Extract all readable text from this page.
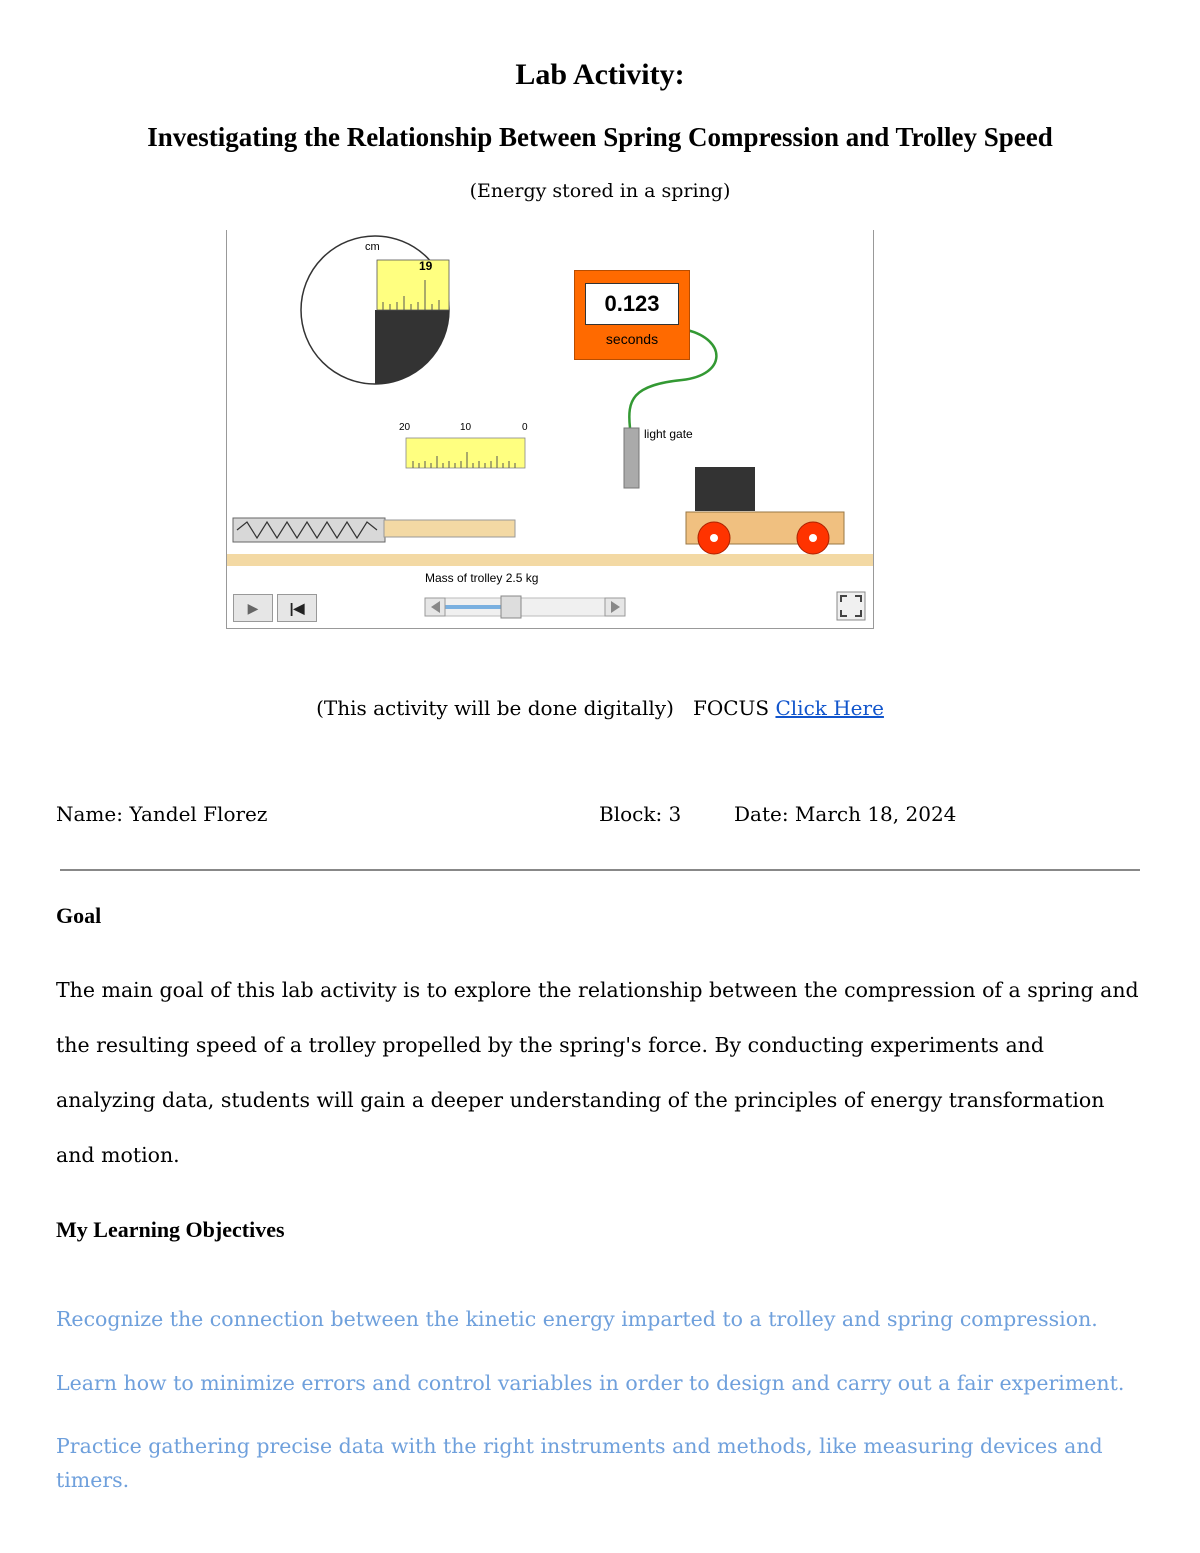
Lab Activity:
Investigating the Relationship Between Spring Compression and Trolley Speed
(Energy stored in a spring)
cm
19
20	10	0
0.123
seconds
light gate
Mass of trolley 2.5 kg
▶	|◀
(This activity will be done digitally)   FOCUS Click Here
Name: Yandel Florez	Block: 3	Date: March 18, 2024
Goal
The main goal of this lab activity is to explore the relationship between the compression of a spring and the resulting speed of a trolley propelled by the spring's force. By conducting experiments and analyzing data, students will gain a deeper understanding of the principles of energy transformation and motion.
My Learning Objectives
Recognize the connection between the kinetic energy imparted to a trolley and spring compression.
Learn how to minimize errors and control variables in order to design and carry out a fair experiment.
Practice gathering precise data with the right instruments and methods, like measuring devices and timers.
